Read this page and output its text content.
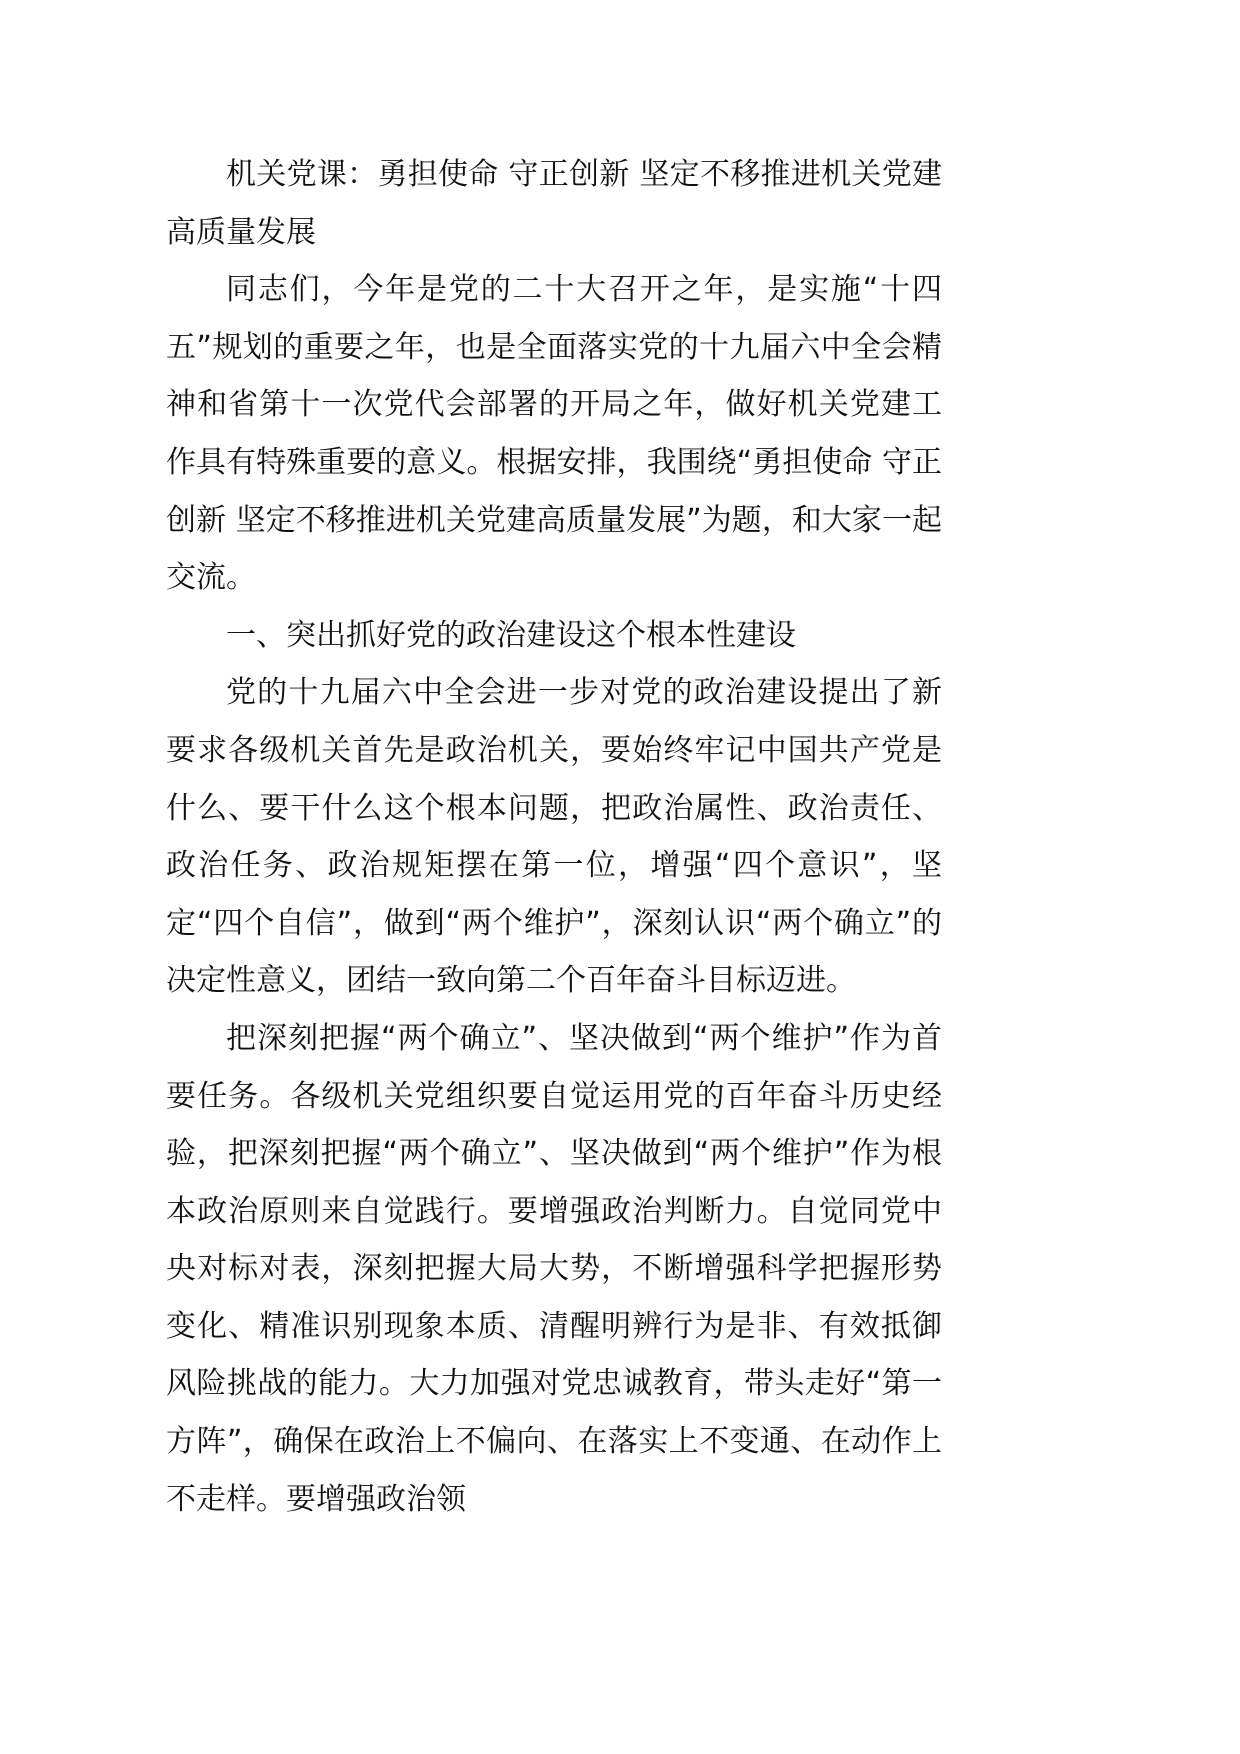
机关党课：勇担使命 守正创新 坚定不移推进机关党建高质量发展

同志们，今年是党的二十大召开之年，是实施“十四五”规划的重要之年，也是全面落实党的十九届六中全会精神和省第十一次党代会部署的开局之年，做好机关党建工作具有特殊重要的意义。根据安排，我围绕“勇担使命 守正创新 坚定不移推进机关党建高质量发展”为题，和大家一起交流。

一、突出抓好党的政治建设这个根本性建设

党的十九届六中全会进一步对党的政治建设提出了新要求各级机关首先是政治机关，要始终牢记中国共产党是什么、要干什么这个根本问题，把政治属性、政治责任、政治任务、政治规矩摆在第一位，增强“四个意识”，坚定“四个自信”，做到“两个维护”，深刻认识“两个确立”的决定性意义，团结一致向第二个百年奋斗目标迈进。

把深刻把握“两个确立”、坚决做到“两个维护”作为首要任务。各级机关党组织要自觉运用党的百年奋斗历史经验，把深刻把握“两个确立”、坚决做到“两个维护”作为根本政治原则来自觉践行。要增强政治判断力。自觉同党中央对标对表，深刻把握大局大势，不断增强科学把握形势变化、精准识别现象本质、清醒明辨行为是非、有效抵御风险挑战的能力。大力加强对党忠诚教育，带头走好“第一方阵”，确保在政治上不偏向、在落实上不变通、在动作上不走样。要增强政治领
